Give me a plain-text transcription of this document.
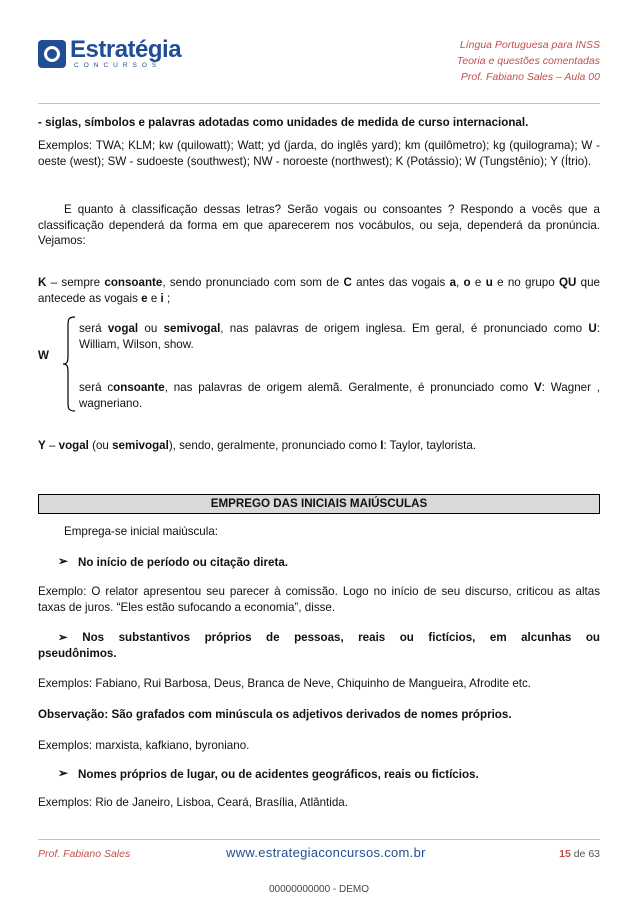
Estratégia
CONCURSOS
Língua Portuguesa para INSS
Teoria e questões comentadas
Prof. Fabiano Sales – Aula 00
- siglas, símbolos e palavras adotadas como unidades de medida de curso internacional.
Exemplos: TWA; KLM; kw (quilowatt); Watt; yd (jarda, do inglês yard); km (quilômetro); kg (quilograma); W - oeste (west); SW - sudoeste (southwest); NW - noroeste (northwest); K (Potássio); W (Tungstênio); Y (Ítrio).
E quanto à classificação dessas letras? Serão vogais ou consoantes ? Respondo a vocês que a classificação dependerá da forma em que aparecerem nos vocábulos, ou seja, dependerá da pronúncia. Vejamos:
K – sempre consoante, sendo pronunciado com som de C antes das vogais a, o e u e no grupo QU que antecede as vogais e e i ;
W
será vogal ou semivogal, nas palavras de origem inglesa. Em geral, é pronunciado como U: William, Wilson, show.
será consoante, nas palavras de origem alemã. Geralmente, é pronunciado como V: Wagner , wagneriano.
Y – vogal (ou semivogal), sendo, geralmente, pronunciado como I: Taylor, taylorista.
EMPREGO DAS INICIAIS MAIÚSCULAS
Emprega-se inicial maiúscula:
➢ No início de período ou citação direta.
Exemplo: O relator apresentou seu parecer à comissão. Logo no início de seu discurso, criticou as altas taxas de juros. “Eles estão sufocando a economia”, disse.
➢ Nos substantivos próprios de pessoas, reais ou fictícios, em alcunhas ou pseudônimos.
Exemplos: Fabiano, Rui Barbosa, Deus, Branca de Neve, Chiquinho de Mangueira, Afrodite etc.
Observação: São grafados com minúscula os adjetivos derivados de nomes próprios.
Exemplos: marxista, kafkiano, byroniano.
➢ Nomes próprios de lugar, ou de acidentes geográficos, reais ou fictícios.
Exemplos: Rio de Janeiro, Lisboa, Ceará, Brasília, Atlântida.
Prof. Fabiano Sales	www.estrategiaconcursos.com.br	15 de 63
00000000000 - DEMO
